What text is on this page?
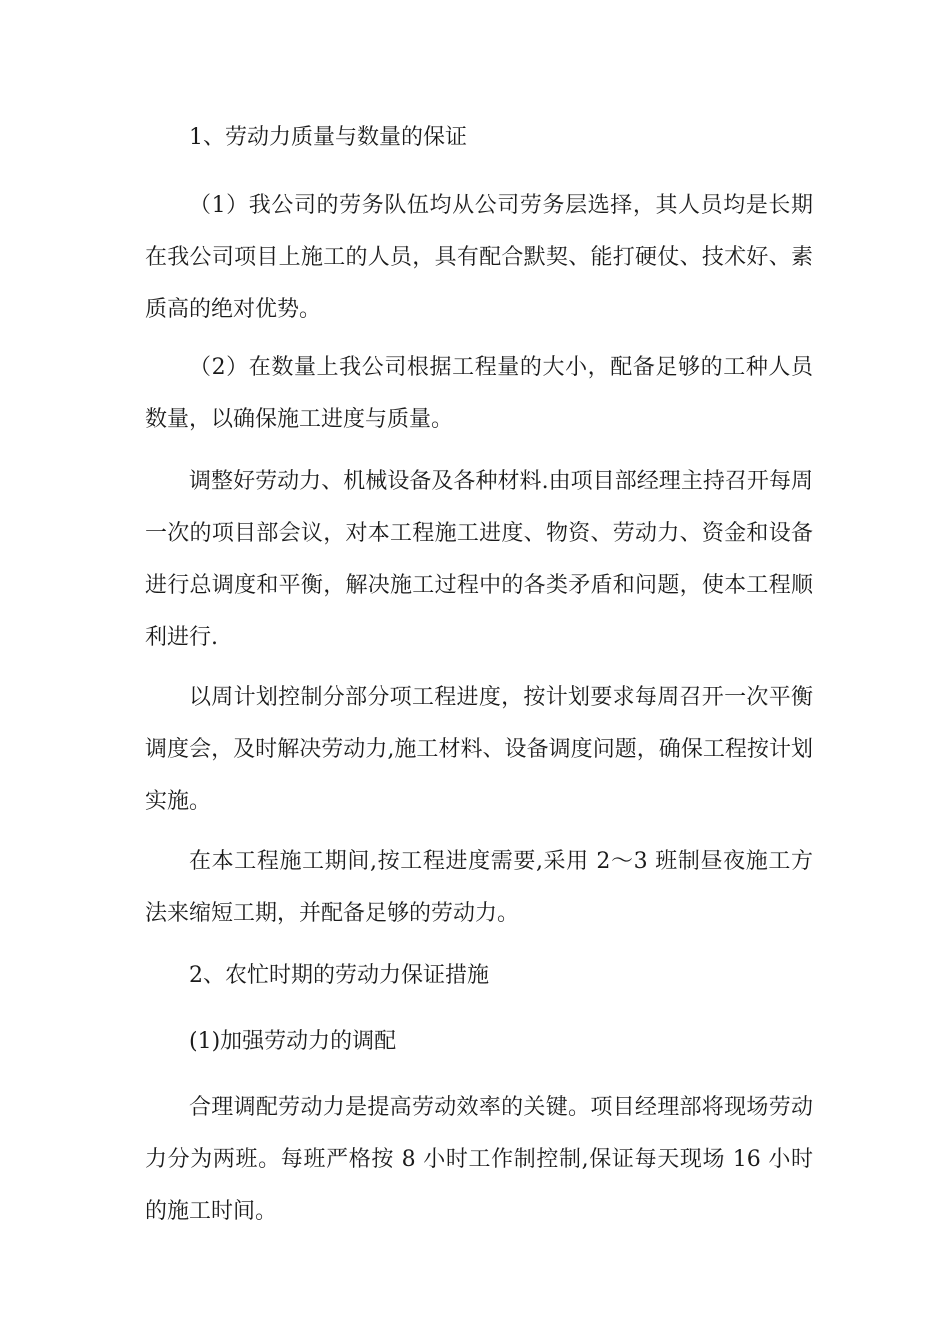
1、劳动力质量与数量的保证

（1）我公司的劳务队伍均从公司劳务层选择，其人员均是长期在我公司项目上施工的人员，具有配合默契、能打硬仗、技术好、素质高的绝对优势。

（2）在数量上我公司根据工程量的大小，配备足够的工种人员数量，以确保施工进度与质量。

调整好劳动力、机械设备及各种材料.由项目部经理主持召开每周一次的项目部会议，对本工程施工进度、物资、劳动力、资金和设备进行总调度和平衡，解决施工过程中的各类矛盾和问题，使本工程顺利进行.

以周计划控制分部分项工程进度，按计划要求每周召开一次平衡调度会，及时解决劳动力,施工材料、设备调度问题，确保工程按计划实施。

在本工程施工期间,按工程进度需要,采用 2～3 班制昼夜施工方法来缩短工期，并配备足够的劳动力。

2、农忙时期的劳动力保证措施

(1)加强劳动力的调配

合理调配劳动力是提高劳动效率的关键。项目经理部将现场劳动力分为两班。每班严格按 8 小时工作制控制,保证每天现场 16 小时的施工时间。
